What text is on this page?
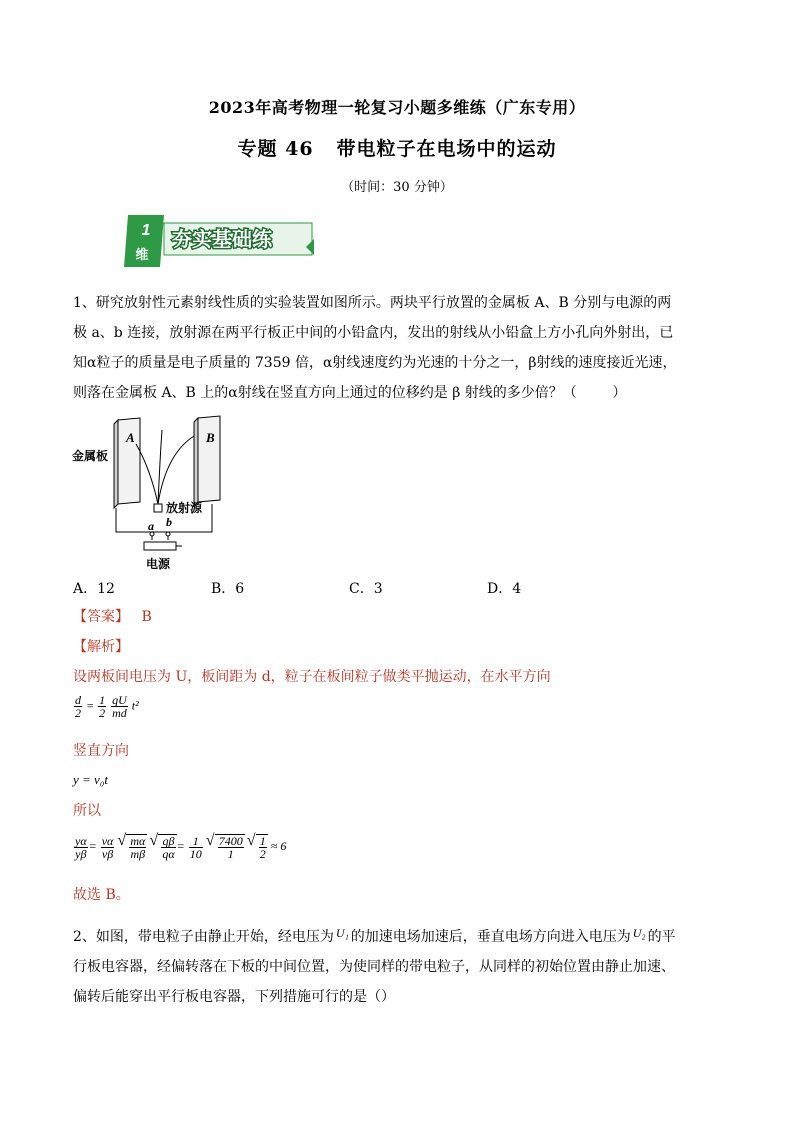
2023年高考物理一轮复习小题多维练（广东专用）
专题 46   带电粒子在电场中的运动
（时间：30 分钟）
1
维
夯实基础练
1、研究放射性元素射线性质的实验装置如图所示。两块平行放置的金属板 A、B 分别与电源的两
极 a、b 连接，放射源在两平行板正中间的小铅盒内，发出的射线从小铅盒上方小孔向外射出，已
知α粒子的质量是电子质量的 7359 倍，α射线速度约为光速的十分之一，β射线的速度接近光速，
则落在金属板 A、B 上的α射线在竖直方向上通过的位移约是 β 射线的多少倍？（        ）
A	B
金属板
放射源
a b
电源
A．12	B．6	C．3	D．4
【答案】 B
【解析】
设两板间电压为 U，板间距为 d，粒子在板间粒子做类平抛运动，在水平方向
$\frac{d}{2} = \frac{1}{2}$
$\frac{qU}{md} t^2$
竖直方向
y = v₀t
所以
$\frac{y\alpha}{y\beta} = \frac{v\alpha}{v\beta}$
√ $\frac{m\alpha}{m\beta}$
√ $\frac{q\beta}{q\alpha} = \frac{1}{10}$
√ $\frac{7400}{1}$
√ $\frac{1}{2} \approx 6$
故选 B。
2、如图，带电粒子由静止开始，经电压为 U₁ 的加速电场加速后，垂直电场方向进入电压为 U₂ 的平
行板电容器，经偏转落在下板的中间位置，为使同样的带电粒子，从同样的初始位置由静止加速、
偏转后能穿出平行板电容器，下列措施可行的是（）
